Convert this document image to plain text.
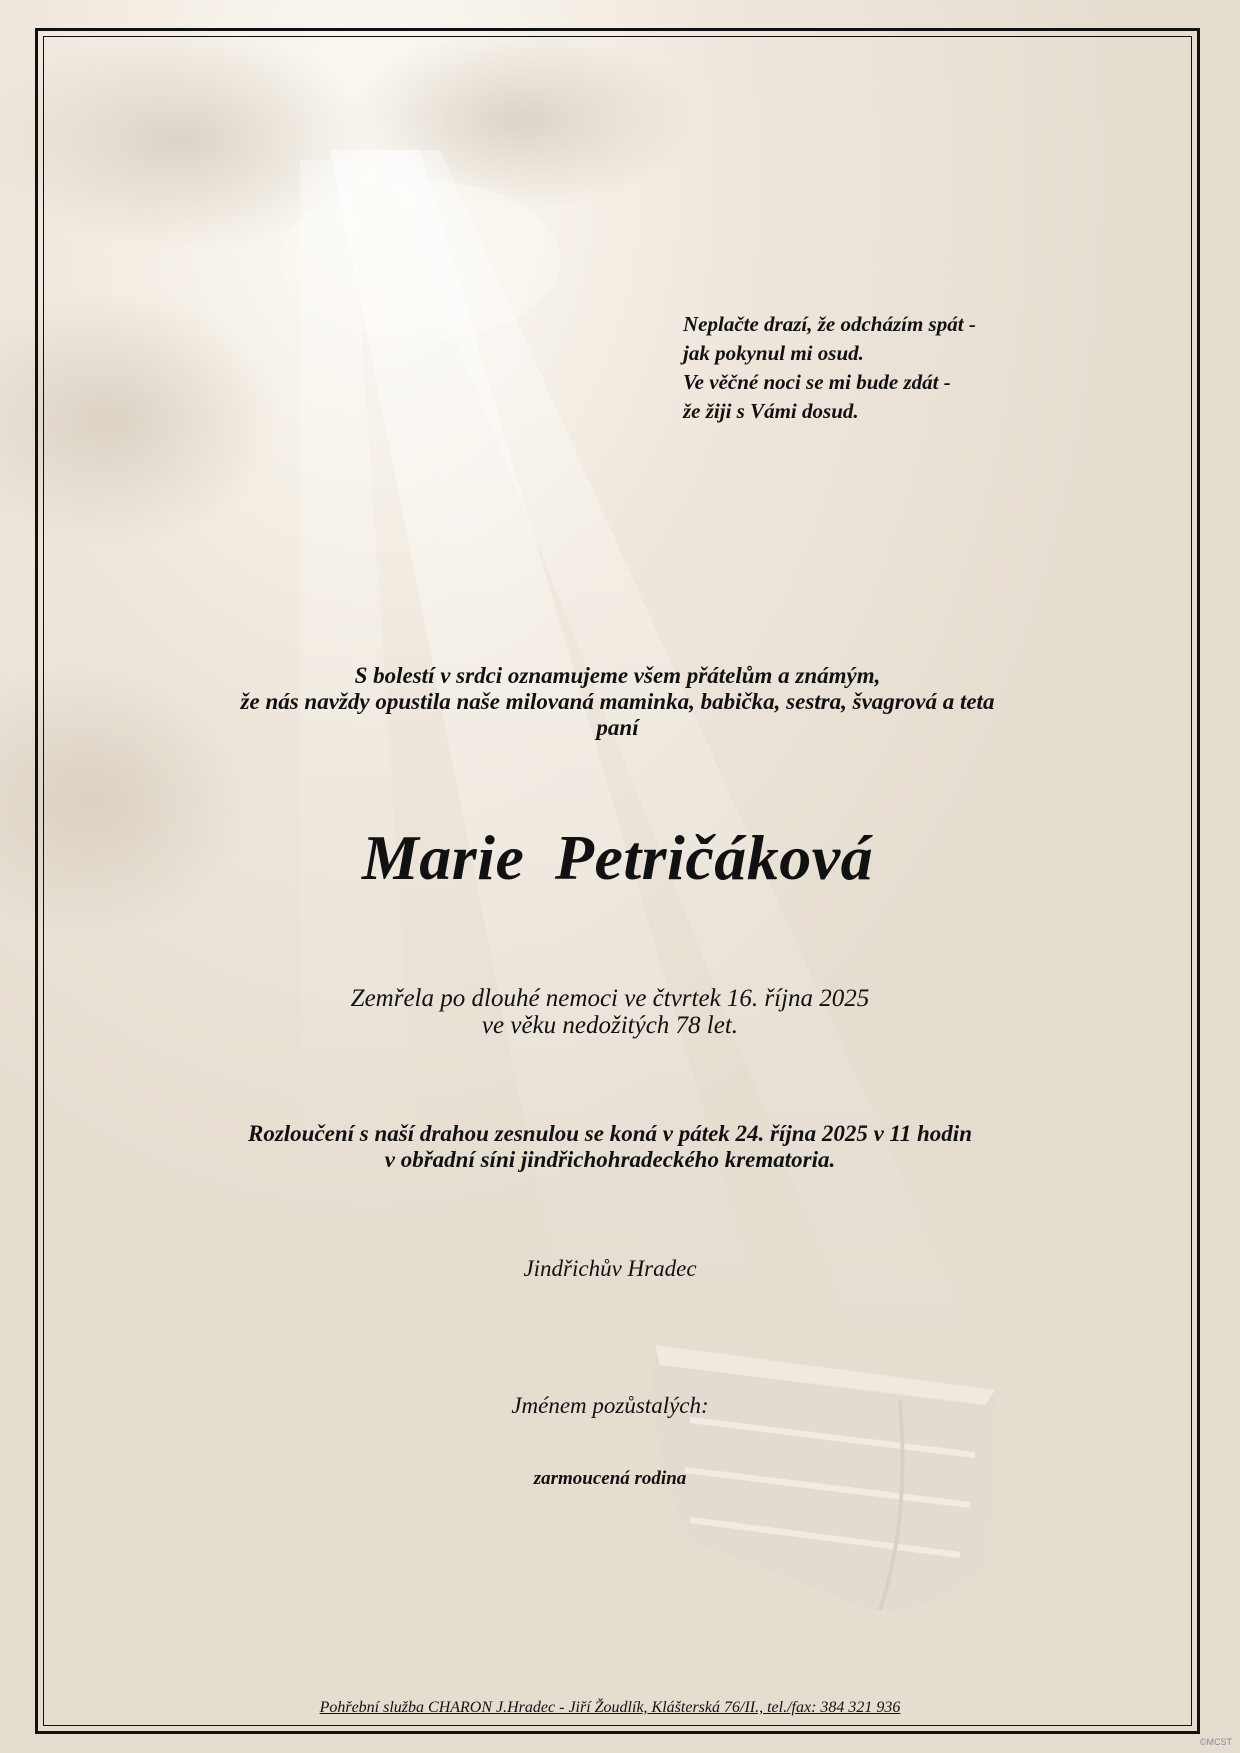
Neplačte drazí, že odcházím spát -
jak pokynul mi osud.
Ve věčné noci se mi bude zdát -
že žiji s Vámi dosud.
S bolestí v srdci oznamujeme všem přátelům a známým,
že nás navždy opustila naše milovaná maminka, babička, sestra, švagrová a teta
paní
Marie Petričáková
Zemřela po dlouhé nemoci ve čtvrtek 16. října 2025
ve věku nedožitých 78 let.
Rozloučení s naší drahou zesnulou se koná v pátek 24. října 2025 v 11 hodin
v obřadní síni jindřichohradeckého krematoria.
Jindřichův Hradec
Jménem pozůstalých:
zarmoucená rodina
Pohřební služba CHARON J.Hradec - Jiří Žoudlík, Klášterská 76/II., tel./fax: 384 321 936
©MCST
